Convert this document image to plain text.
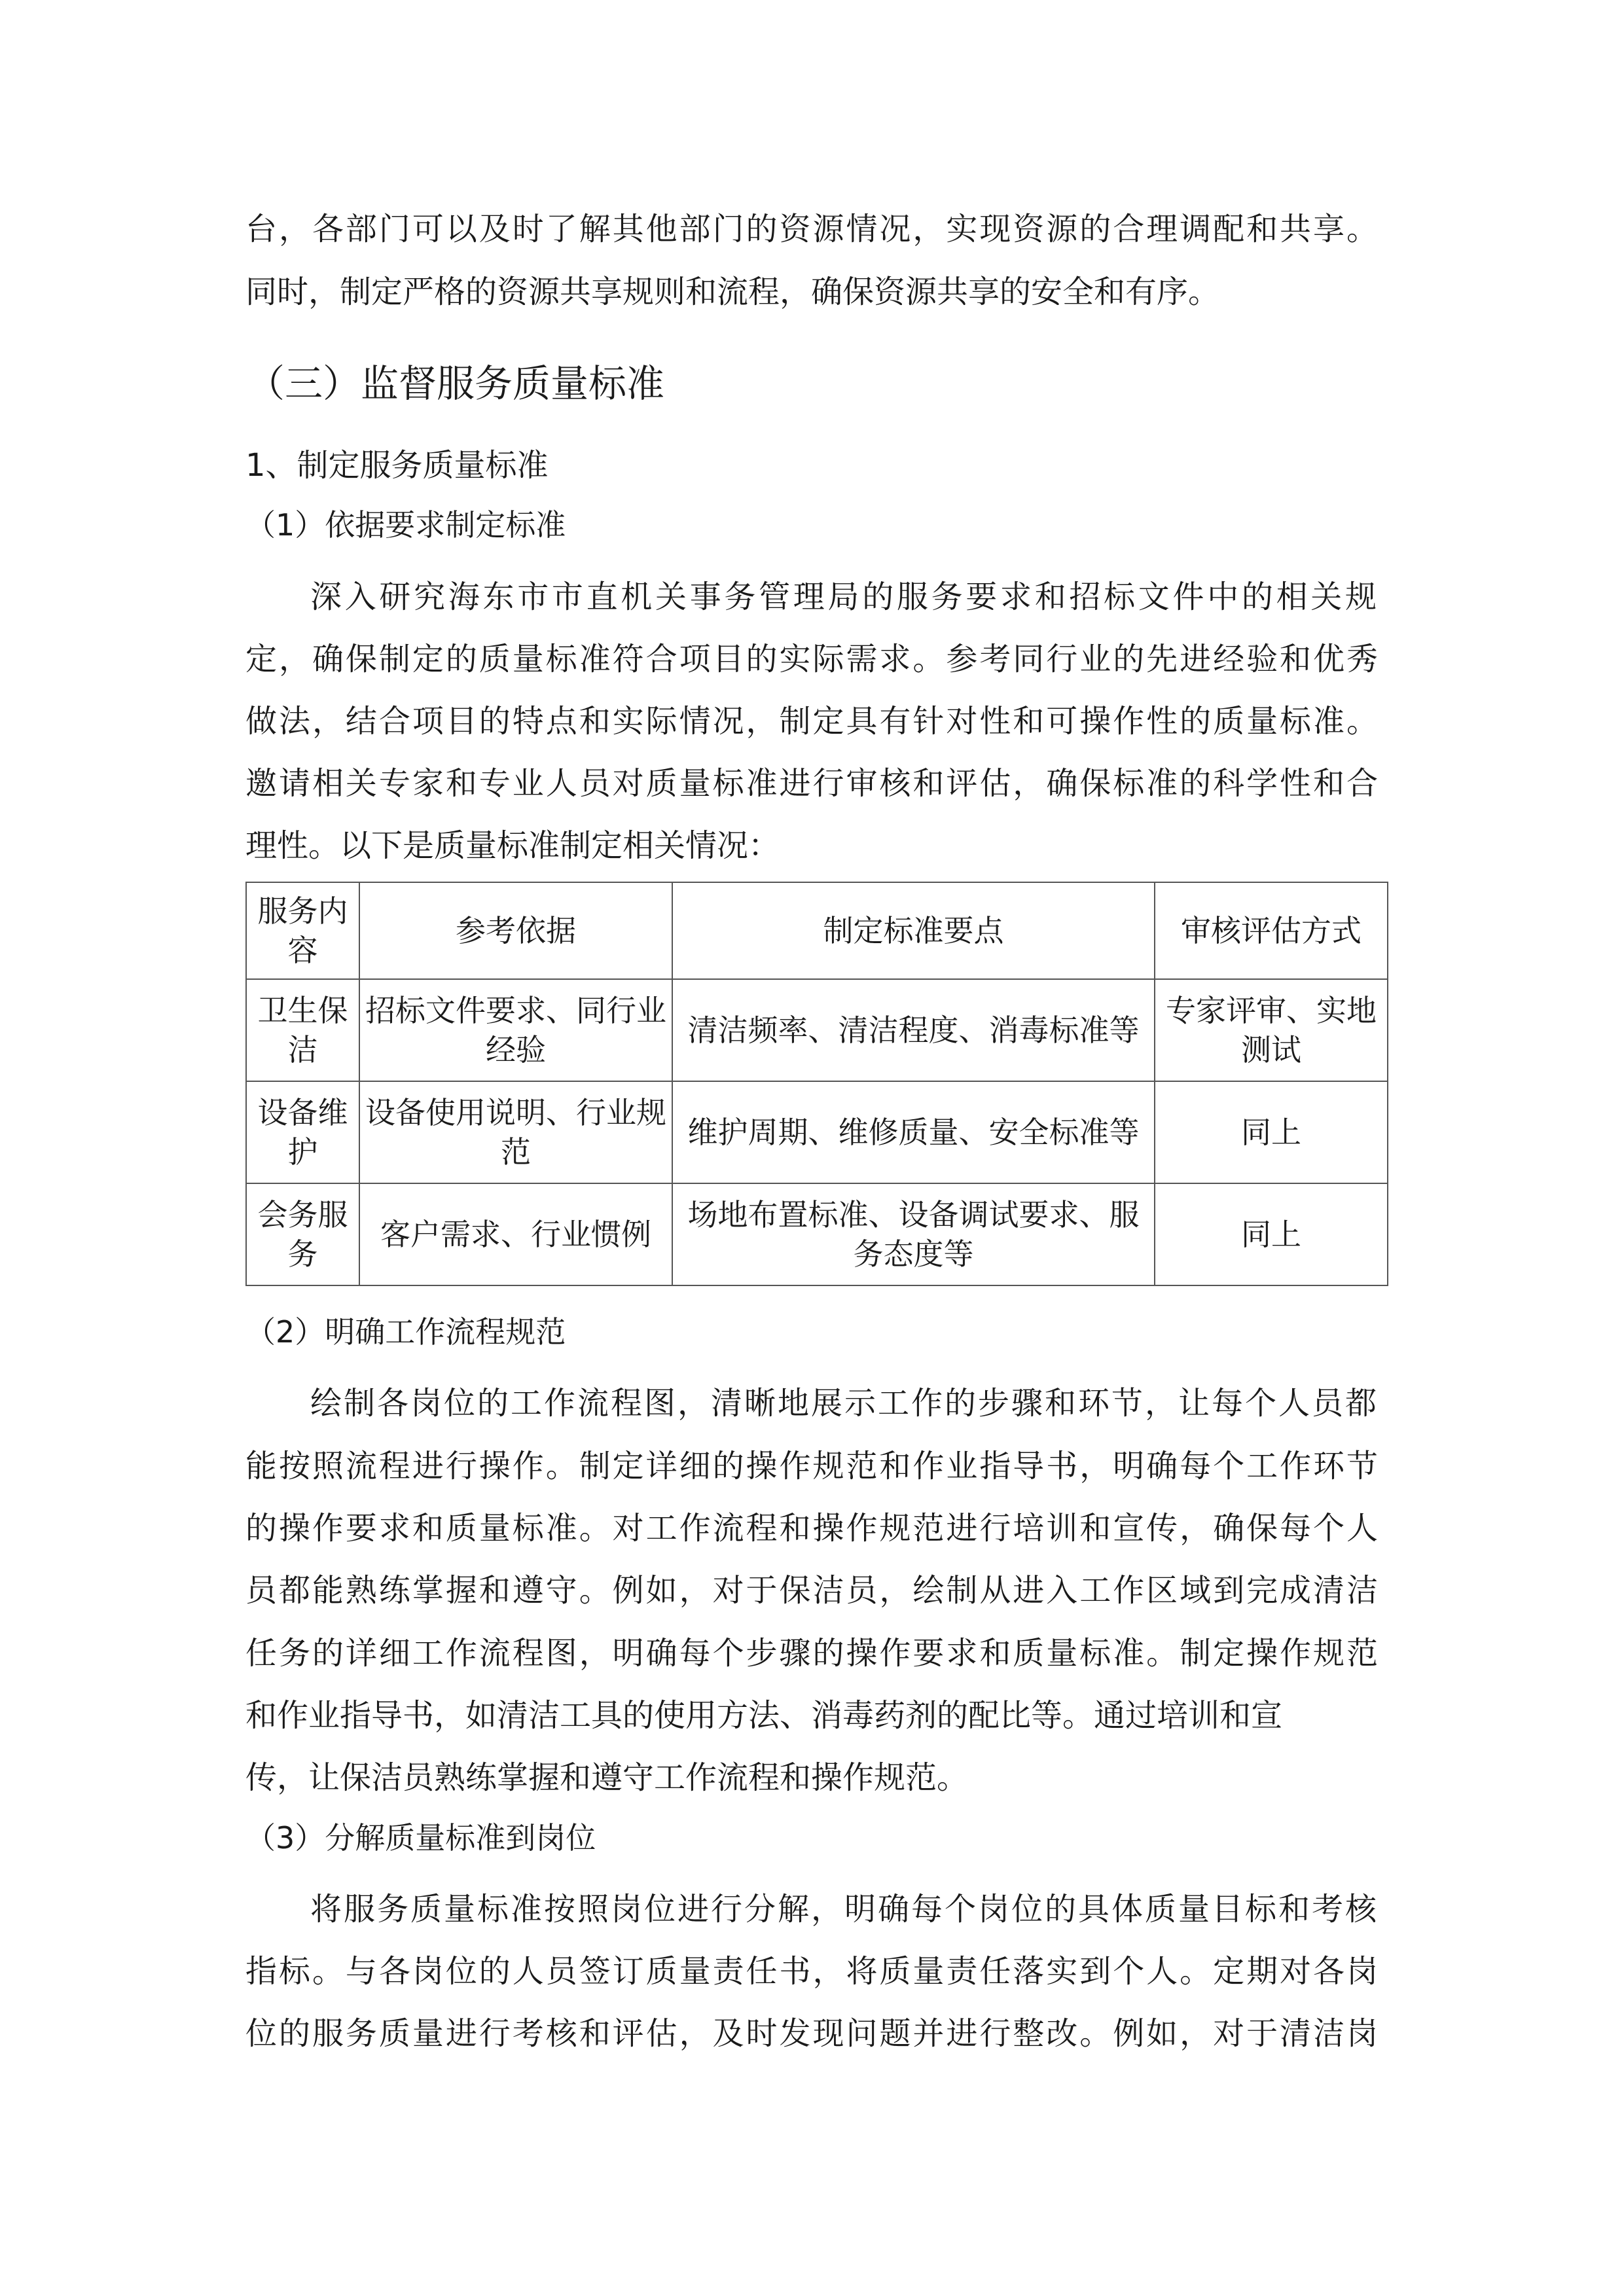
台，各部门可以及时了解其他部门的资源情况，实现资源的合理调配和共享。

同时，制定严格的资源共享规则和流程，确保资源共享的安全和有序。

（三）监督服务质量标准

1、制定服务质量标准

（1）依据要求制定标准

深入研究海东市市直机关事务管理局的服务要求和招标文件中的相关规

定，确保制定的质量标准符合项目的实际需求。参考同行业的先进经验和优秀

做法，结合项目的特点和实际情况，制定具有针对性和可操作性的质量标准。

邀请相关专家和专业人员对质量标准进行审核和评估，确保标准的科学性和合

理性。以下是质量标准制定相关情况：

服务内容	参考依据	制定标准要点	审核评估方式
卫生保洁	招标文件要求、同行业经验	清洁频率、清洁程度、消毒标准等	专家评审、实地测试
设备维护	设备使用说明、行业规范	维护周期、维修质量、安全标准等	同上
会务服务	客户需求、行业惯例	场地布置标准、设备调试要求、服务态度等	同上

（2）明确工作流程规范

绘制各岗位的工作流程图，清晰地展示工作的步骤和环节，让每个人员都

能按照流程进行操作。制定详细的操作规范和作业指导书，明确每个工作环节

的操作要求和质量标准。对工作流程和操作规范进行培训和宣传，确保每个人

员都能熟练掌握和遵守。例如，对于保洁员，绘制从进入工作区域到完成清洁

任务的详细工作流程图，明确每个步骤的操作要求和质量标准。制定操作规范

和作业指导书，如清洁工具的使用方法、消毒药剂的配比等。通过培训和宣

传，让保洁员熟练掌握和遵守工作流程和操作规范。

（3）分解质量标准到岗位

将服务质量标准按照岗位进行分解，明确每个岗位的具体质量目标和考核

指标。与各岗位的人员签订质量责任书，将质量责任落实到个人。定期对各岗

位的服务质量进行考核和评估，及时发现问题并进行整改。例如，对于清洁岗
